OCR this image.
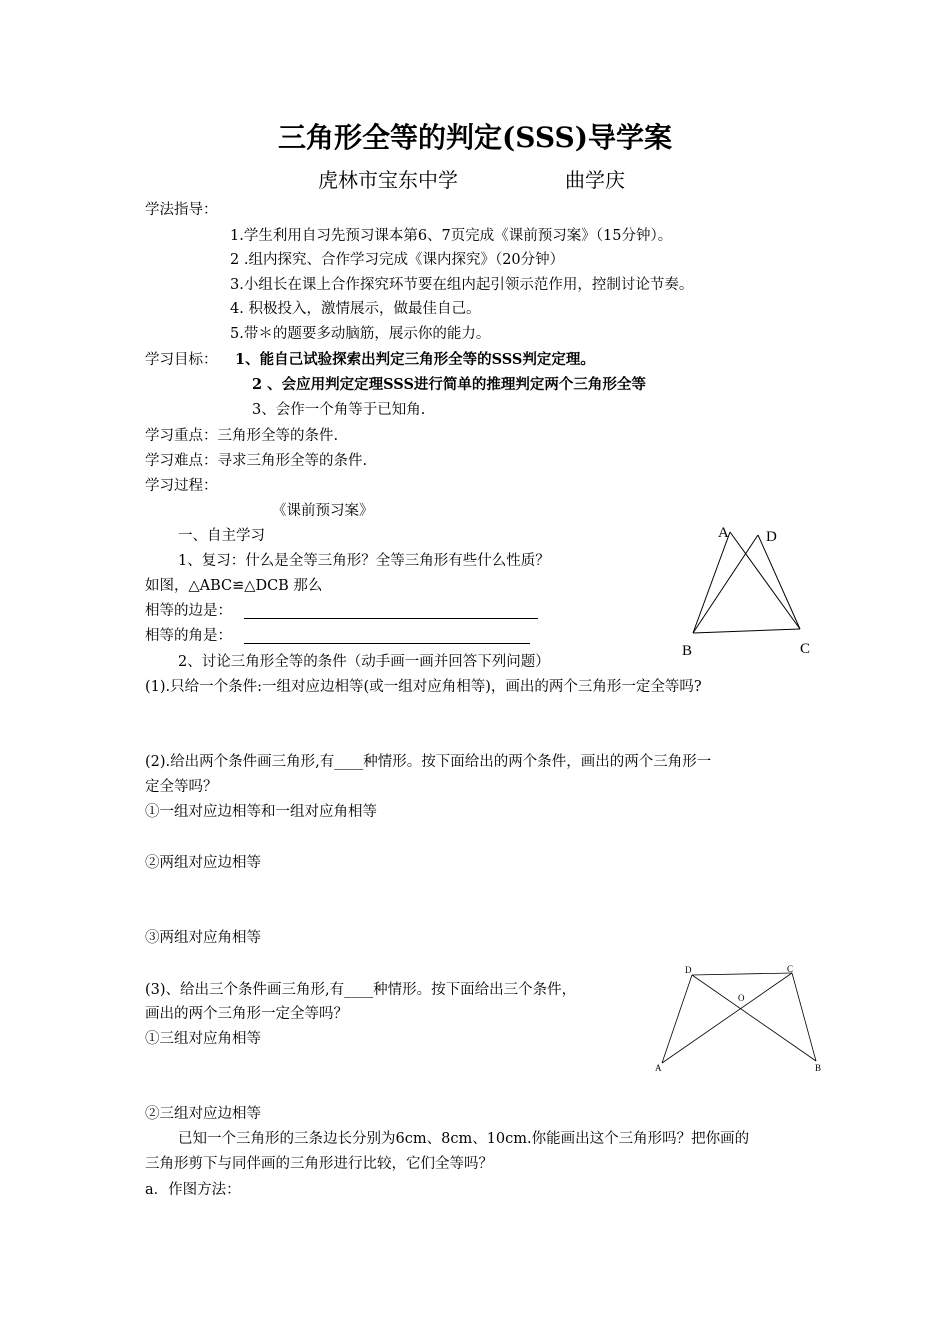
三角形全等的判定(SSS)导学案
虎林市宝东中学	曲学庆
学法指导：
1.学生利用自习先预习课本第6、7页完成《课前预习案》（15分钟）。
2 .组内探究、合作学习完成《课内探究》（20分钟）
3.小组长在课上合作探究环节要在组内起引领示范作用，控制讨论节奏。
4. 积极投入，激情展示，做最佳自己。
5.带＊的题要多动脑筋，展示你的能力。
学习目标： 1、能自己试验探索出判定三角形全等的SSS判定定理。
2 、会应用判定定理SSS进行简单的推理判定两个三角形全等
3、会作一个角等于已知角.
学习重点：三角形全等的条件.
学习难点：寻求三角形全等的条件.
学习过程：
《课前预习案》
一、自主学习
1、复习：什么是全等三角形？全等三角形有些什么性质？
如图，△ABC≌△DCB 那么
相等的边是：
相等的角是：
A D
B	C
2、讨论三角形全等的条件（动手画一画并回答下列问题）
(1).只给一个条件:一组对应边相等(或一组对应角相等)，画出的两个三角形一定全等吗?
(2).给出两个条件画三角形,有____种情形。按下面给出的两个条件，画出的两个三角形一
定全等吗？
①一组对应边相等和一组对应角相等
②两组对应边相等
③两组对应角相等
(3)、给出三个条件画三角形,有____种情形。按下面给出三个条件，
画出的两个三角形一定全等吗？
①三组对应角相等
D	C
O
A	B
②三组对应边相等
已知一个三角形的三条边长分别为6cm、8cm、10cm.你能画出这个三角形吗？把你画的
三角形剪下与同伴画的三角形进行比较，它们全等吗？
a．作图方法：
